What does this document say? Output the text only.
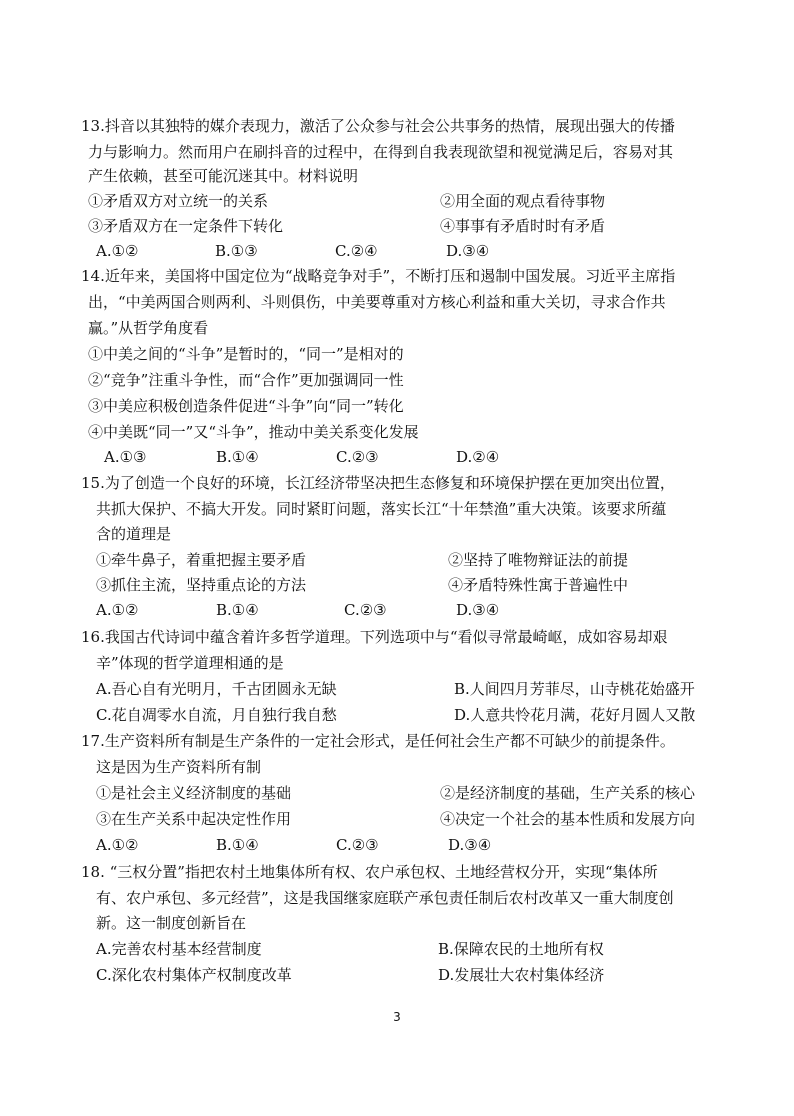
13.抖音以其独特的媒介表现力，激活了公众参与社会公共事务的热情，展现出强大的传播
力与影响力。然而用户在刷抖音的过程中，在得到自我表现欲望和视觉满足后，容易对其
产生依赖，甚至可能沉迷其中。材料说明
①矛盾双方对立统一的关系	②用全面的观点看待事物
③矛盾双方在一定条件下转化	④事事有矛盾时时有矛盾
A.①②	B.①③	C.②④	D.③④
14.近年来，美国将中国定位为“战略竞争对手”，不断打压和遏制中国发展。习近平主席指
出，“中美两国合则两利、斗则俱伤，中美要尊重对方核心利益和重大关切，寻求合作共
赢。”从哲学角度看
①中美之间的“斗争”是暂时的，“同一”是相对的
②“竞争”注重斗争性，而“合作”更加强调同一性
③中美应积极创造条件促进“斗争”向“同一”转化
④中美既“同一”又“斗争”，推动中美关系变化发展
A.①③	B.①④	C.②③	D.②④
15.为了创造一个良好的环境，长江经济带坚决把生态修复和环境保护摆在更加突出位置，
共抓大保护、不搞大开发。同时紧盯问题，落实长江“十年禁渔”重大决策。该要求所蕴
含的道理是
①牵牛鼻子，着重把握主要矛盾	②坚持了唯物辩证法的前提
③抓住主流，坚持重点论的方法	④矛盾特殊性寓于普遍性中
A.①②	B.①④	C.②③	D.③④
16.我国古代诗词中蕴含着许多哲学道理。下列选项中与“看似寻常最崎岖，成如容易却艰
辛”体现的哲学道理相通的是
A.吾心自有光明月，千古团圆永无缺	B.人间四月芳菲尽，山寺桃花始盛开
C.花自凋零水自流，月自独行我自愁	D.人意共怜花月满，花好月圆人又散
17.生产资料所有制是生产条件的一定社会形式，是任何社会生产都不可缺少的前提条件。
这是因为生产资料所有制
①是社会主义经济制度的基础	②是经济制度的基础，生产关系的核心
③在生产关系中起决定性作用	④决定一个社会的基本性质和发展方向
A.①②	B.①④	C.②③	D.③④
18. “三权分置”指把农村土地集体所有权、农户承包权、土地经营权分开，实现“集体所
有、农户承包、多元经营”，这是我国继家庭联产承包责任制后农村改革又一重大制度创
新。这一制度创新旨在
A.完善农村基本经营制度	B.保障农民的土地所有权
C.深化农村集体产权制度改革	D.发展壮大农村集体经济
3
